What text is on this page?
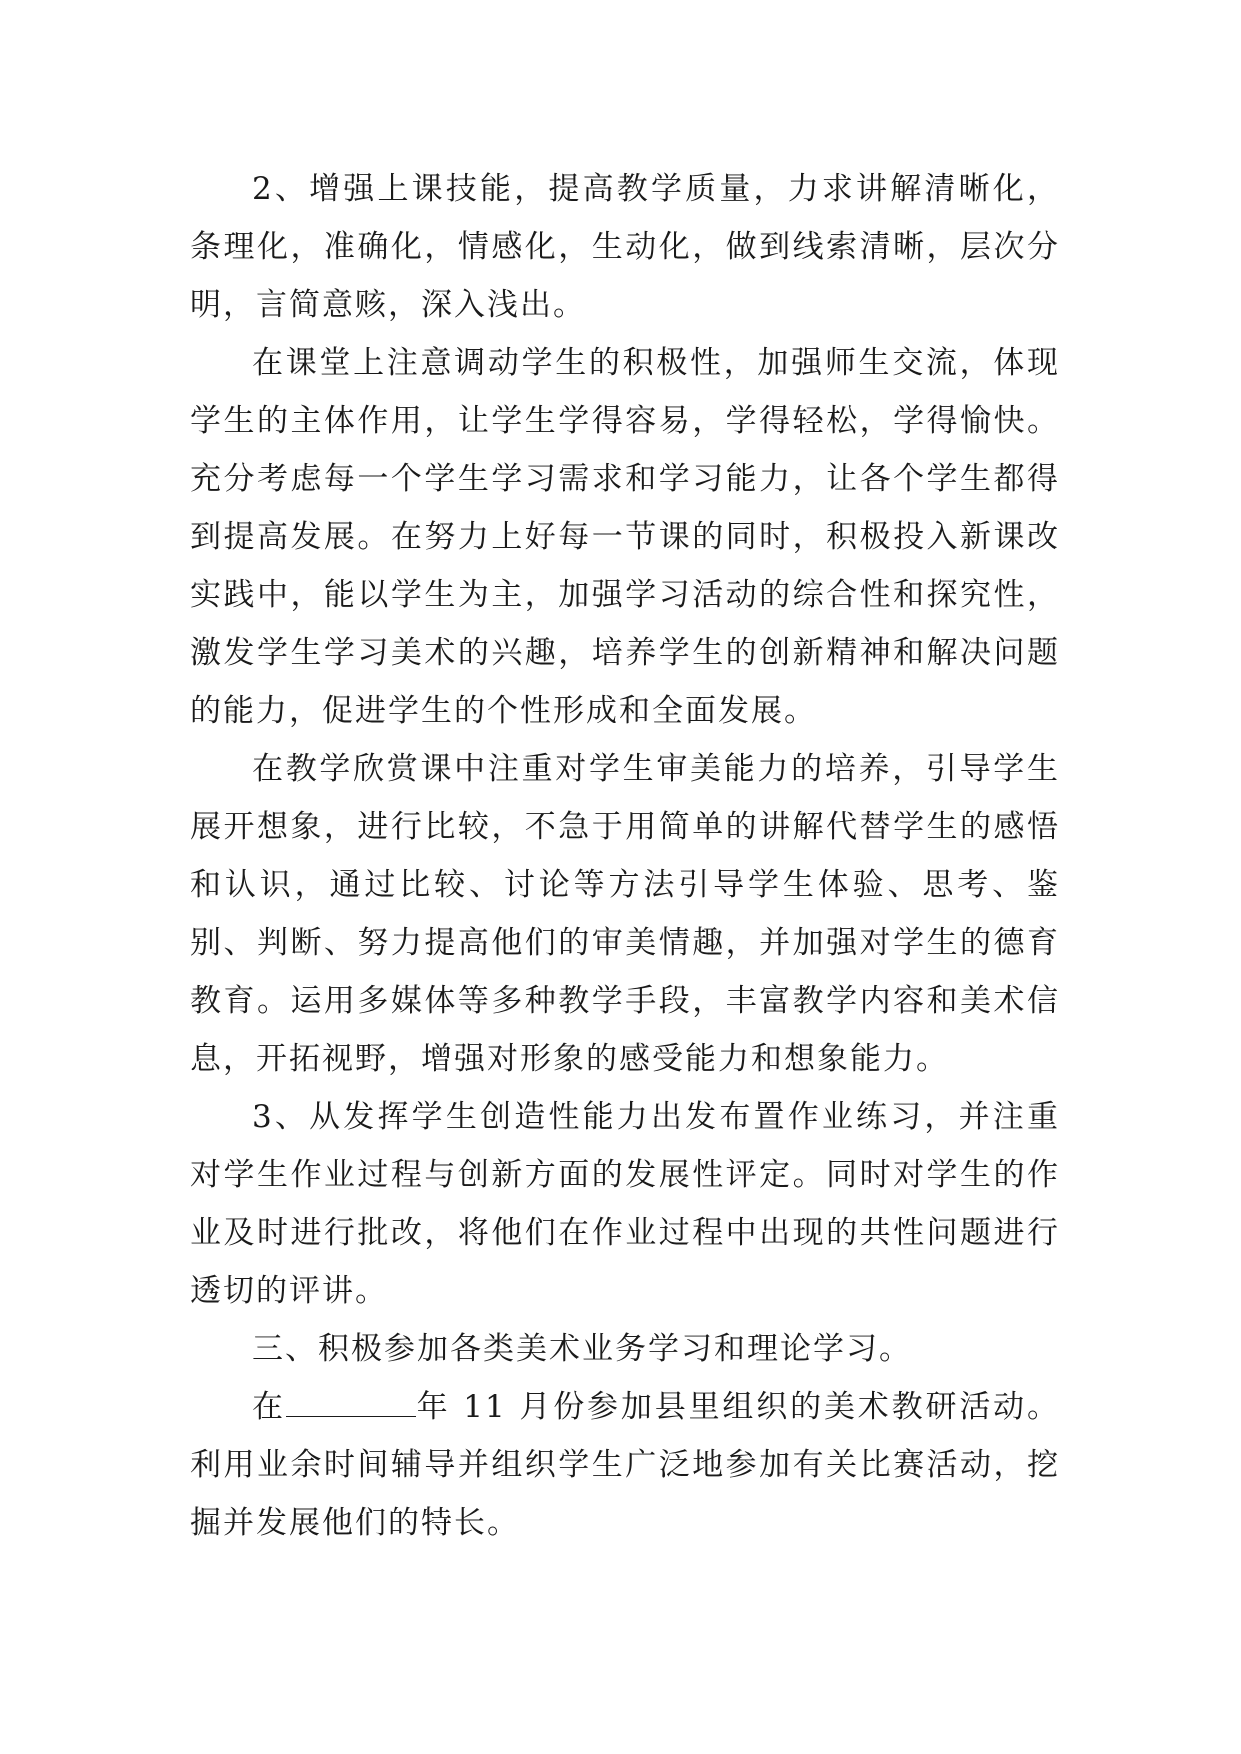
2、增强上课技能，提高教学质量，力求讲解清晰化，条理化，准确化，情感化，生动化，做到线索清晰，层次分明，言简意赅，深入浅出。

在课堂上注意调动学生的积极性，加强师生交流，体现学生的主体作用，让学生学得容易，学得轻松，学得愉快。充分考虑每一个学生学习需求和学习能力，让各个学生都得到提高发展。在努力上好每一节课的同时，积极投入新课改实践中，能以学生为主，加强学习活动的综合性和探究性，激发学生学习美术的兴趣，培养学生的创新精神和解决问题的能力，促进学生的个性形成和全面发展。

在教学欣赏课中注重对学生审美能力的培养，引导学生展开想象，进行比较，不急于用简单的讲解代替学生的感悟和认识，通过比较、讨论等方法引导学生体验、思考、鉴别、判断、努力提高他们的审美情趣，并加强对学生的德育教育。运用多媒体等多种教学手段，丰富教学内容和美术信息，开拓视野，增强对形象的感受能力和想象能力。

3、从发挥学生创造性能力出发布置作业练习，并注重对学生作业过程与创新方面的发展性评定。同时对学生的作业及时进行批改，将他们在作业过程中出现的共性问题进行透切的评讲。

三、积极参加各类美术业务学习和理论学习。

在	年 11 月份参加县里组织的美术教研活动。利用业余时间辅导并组织学生广泛地参加有关比赛活动，挖掘并发展他们的特长。
